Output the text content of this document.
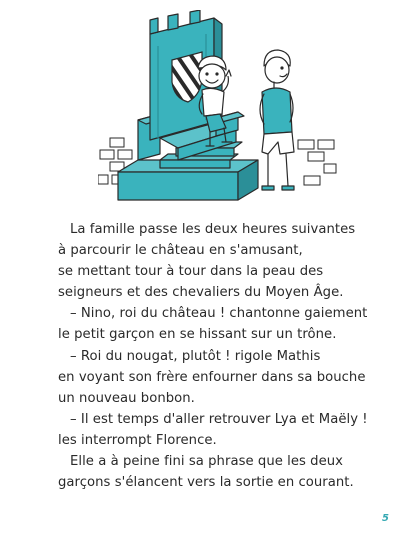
La famille passe les deux heures suivantes
à parcourir le château en s'amusant,
se mettant tour à tour dans la peau des
seigneurs et des chevaliers du Moyen Âge.
– Nino, roi du château ! chantonne gaiement
le petit garçon en se hissant sur un trône.
– Roi du nougat, plutôt ! rigole Mathis
en voyant son frère enfourner dans sa bouche
un nouveau bonbon.
– Il est temps d'aller retrouver Lya et Maëly !
les interrompt Florence.
Elle a à peine fini sa phrase que les deux
garçons s'élancent vers la sortie en courant.
5
